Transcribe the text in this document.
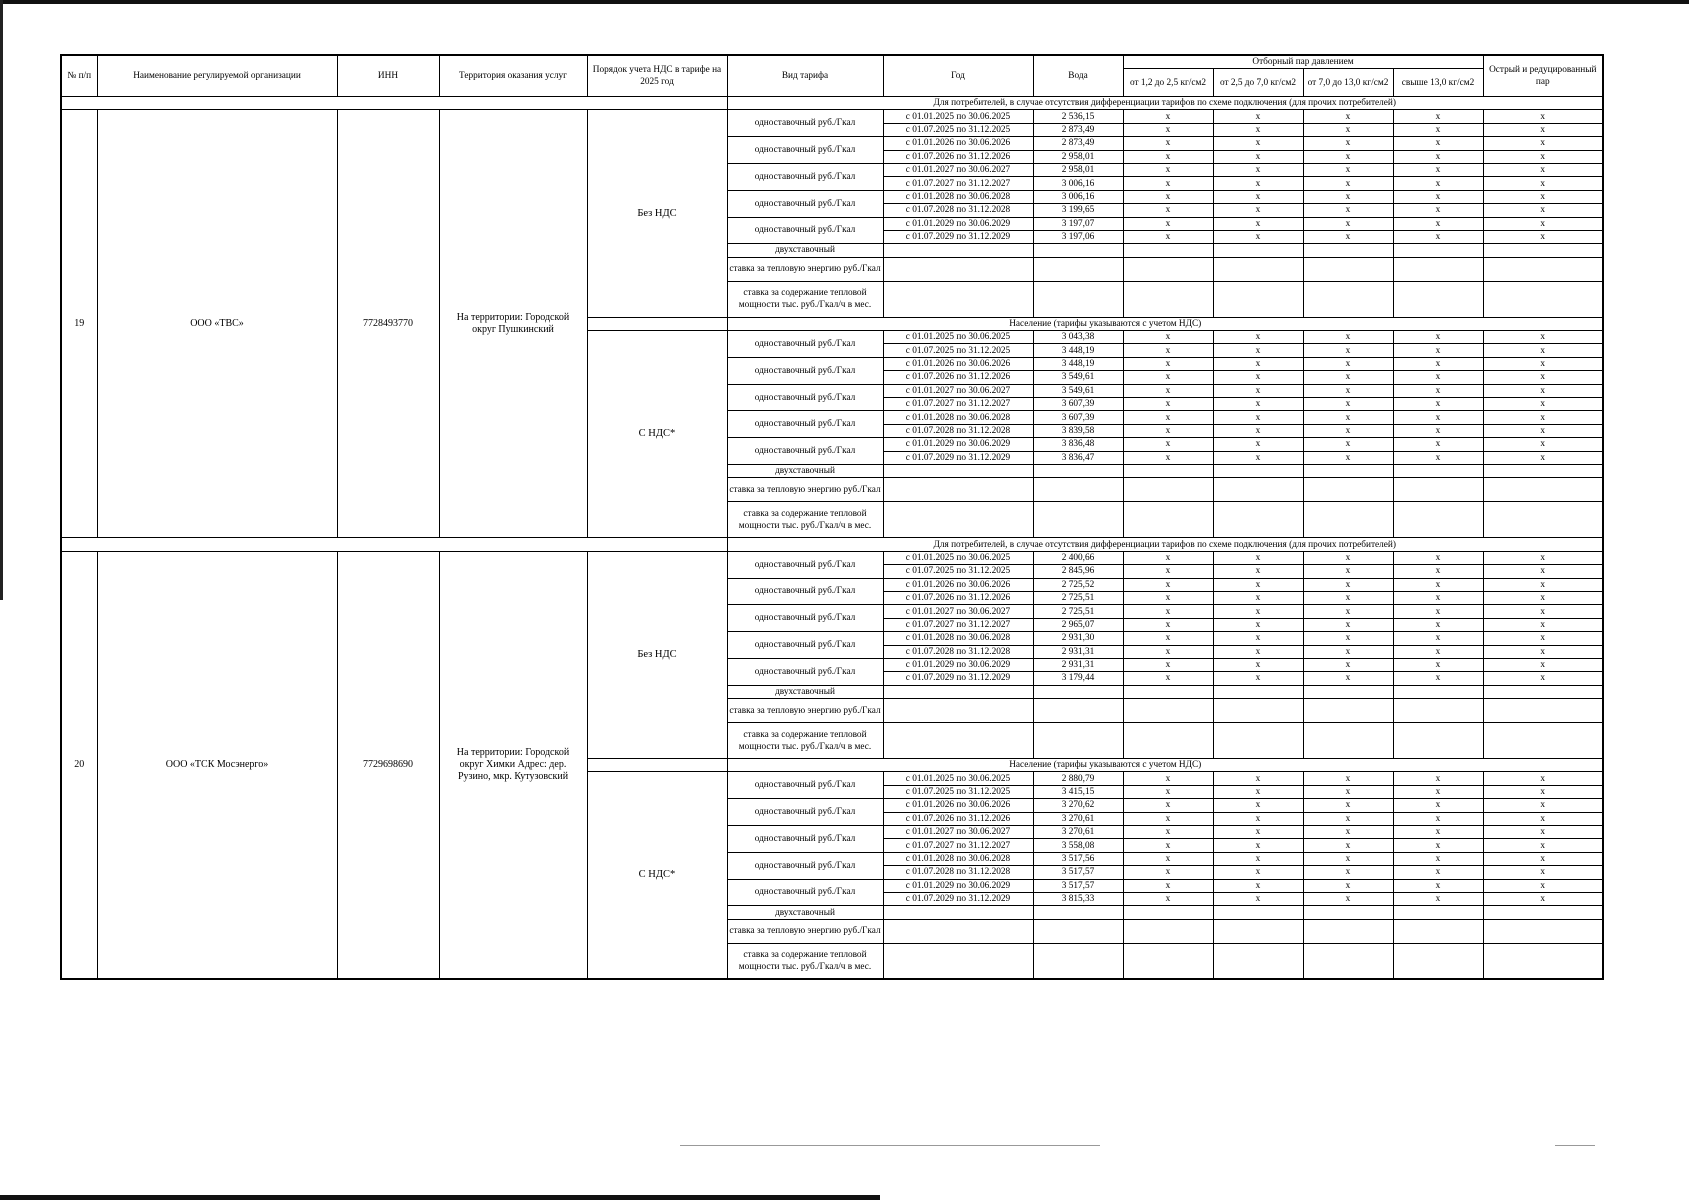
№ п/п	Наименование регулируемой организации	ИНН	Территория оказания услуг	Порядок учета НДС в тарифе на 2025 год	Вид тарифа	Год	Вода	Отборный пар давлением				Острый и редуцированный пар
								от 1,2 до 2,5 кг/см2	от 2,5 до 7,0 кг/см2	от 7,0 до 13,0 кг/см2	свыше 13,0 кг/см2	
					Для потребителей, в случае отсутствия дифференциации тарифов по схеме подключения (для прочих потребителей)							
19	ООО «ТВС»	7728493770	На территории: Городской округ Пушкинский	Без НДС	одноставочный руб./Гкал	с 01.01.2025 по 30.06.2025	2 536,15	x	x	x	x	x
						с 01.07.2025 по 31.12.2025	2 873,49	x	x	x	x	x
					одноставочный руб./Гкал	с 01.01.2026 по 30.06.2026	2 873,49	x	x	x	x	x
						с 01.07.2026 по 31.12.2026	2 958,01	x	x	x	x	x
					одноставочный руб./Гкал	с 01.01.2027 по 30.06.2027	2 958,01	x	x	x	x	x
						с 01.07.2027 по 31.12.2027	3 006,16	x	x	x	x	x
					одноставочный руб./Гкал	с 01.01.2028 по 30.06.2028	3 006,16	x	x	x	x	x
						с 01.07.2028 по 31.12.2028	3 199,65	x	x	x	x	x
					одноставочный руб./Гкал	с 01.01.2029 по 30.06.2029	3 197,07	x	x	x	x	x
						с 01.07.2029 по 31.12.2029	3 197,06	x	x	x	x	x
					двухставочный							
					ставка за тепловую энергию руб./Гкал							
					ставка за содержание тепловой мощности тыс. руб./Гкал/ч в мес.							
					Население (тарифы указываются с учетом НДС)							
				С НДС*	одноставочный руб./Гкал	с 01.01.2025 по 30.06.2025	3 043,38	x	x	x	x	x
						с 01.07.2025 по 31.12.2025	3 448,19	x	x	x	x	x
					одноставочный руб./Гкал	с 01.01.2026 по 30.06.2026	3 448,19	x	x	x	x	x
						с 01.07.2026 по 31.12.2026	3 549,61	x	x	x	x	x
					одноставочный руб./Гкал	с 01.01.2027 по 30.06.2027	3 549,61	x	x	x	x	x
						с 01.07.2027 по 31.12.2027	3 607,39	x	x	x	x	x
					одноставочный руб./Гкал	с 01.01.2028 по 30.06.2028	3 607,39	x	x	x	x	x
						с 01.07.2028 по 31.12.2028	3 839,58	x	x	x	x	x
					одноставочный руб./Гкал	с 01.01.2029 по 30.06.2029	3 836,48	x	x	x	x	x
						с 01.07.2029 по 31.12.2029	3 836,47	x	x	x	x	x
					двухставочный							
					ставка за тепловую энергию руб./Гкал							
					ставка за содержание тепловой мощности тыс. руб./Гкал/ч в мес.							
					Для потребителей, в случае отсутствия дифференциации тарифов по схеме подключения (для прочих потребителей)							
20	ООО «ТСК Мосэнерго»	7729698690	На территории: Городской округ Химки Адрес: дер. Рузино, мкр. Кутузовский	Без НДС	одноставочный руб./Гкал	с 01.01.2025 по 30.06.2025	2 400,66	x	x	x	x	x
						с 01.07.2025 по 31.12.2025	2 845,96	x	x	x	x	x
					одноставочный руб./Гкал	с 01.01.2026 по 30.06.2026	2 725,52	x	x	x	x	x
						с 01.07.2026 по 31.12.2026	2 725,51	x	x	x	x	x
					одноставочный руб./Гкал	с 01.01.2027 по 30.06.2027	2 725,51	x	x	x	x	x
						с 01.07.2027 по 31.12.2027	2 965,07	x	x	x	x	x
					одноставочный руб./Гкал	с 01.01.2028 по 30.06.2028	2 931,30	x	x	x	x	x
						с 01.07.2028 по 31.12.2028	2 931,31	x	x	x	x	x
					одноставочный руб./Гкал	с 01.01.2029 по 30.06.2029	2 931,31	x	x	x	x	x
						с 01.07.2029 по 31.12.2029	3 179,44	x	x	x	x	x
					двухставочный							
					ставка за тепловую энергию руб./Гкал							
					ставка за содержание тепловой мощности тыс. руб./Гкал/ч в мес.							
					Население (тарифы указываются с учетом НДС)							
				С НДС*	одноставочный руб./Гкал	с 01.01.2025 по 30.06.2025	2 880,79	x	x	x	x	x
						с 01.07.2025 по 31.12.2025	3 415,15	x	x	x	x	x
					одноставочный руб./Гкал	с 01.01.2026 по 30.06.2026	3 270,62	x	x	x	x	x
						с 01.07.2026 по 31.12.2026	3 270,61	x	x	x	x	x
					одноставочный руб./Гкал	с 01.01.2027 по 30.06.2027	3 270,61	x	x	x	x	x
						с 01.07.2027 по 31.12.2027	3 558,08	x	x	x	x	x
					одноставочный руб./Гкал	с 01.01.2028 по 30.06.2028	3 517,56	x	x	x	x	x
						с 01.07.2028 по 31.12.2028	3 517,57	x	x	x	x	x
					одноставочный руб./Гкал	с 01.01.2029 по 30.06.2029	3 517,57	x	x	x	x	x
						с 01.07.2029 по 31.12.2029	3 815,33	x	x	x	x	x
					двухставочный							
					ставка за тепловую энергию руб./Гкал							
					ставка за содержание тепловой мощности тыс. руб./Гкал/ч в мес.							
